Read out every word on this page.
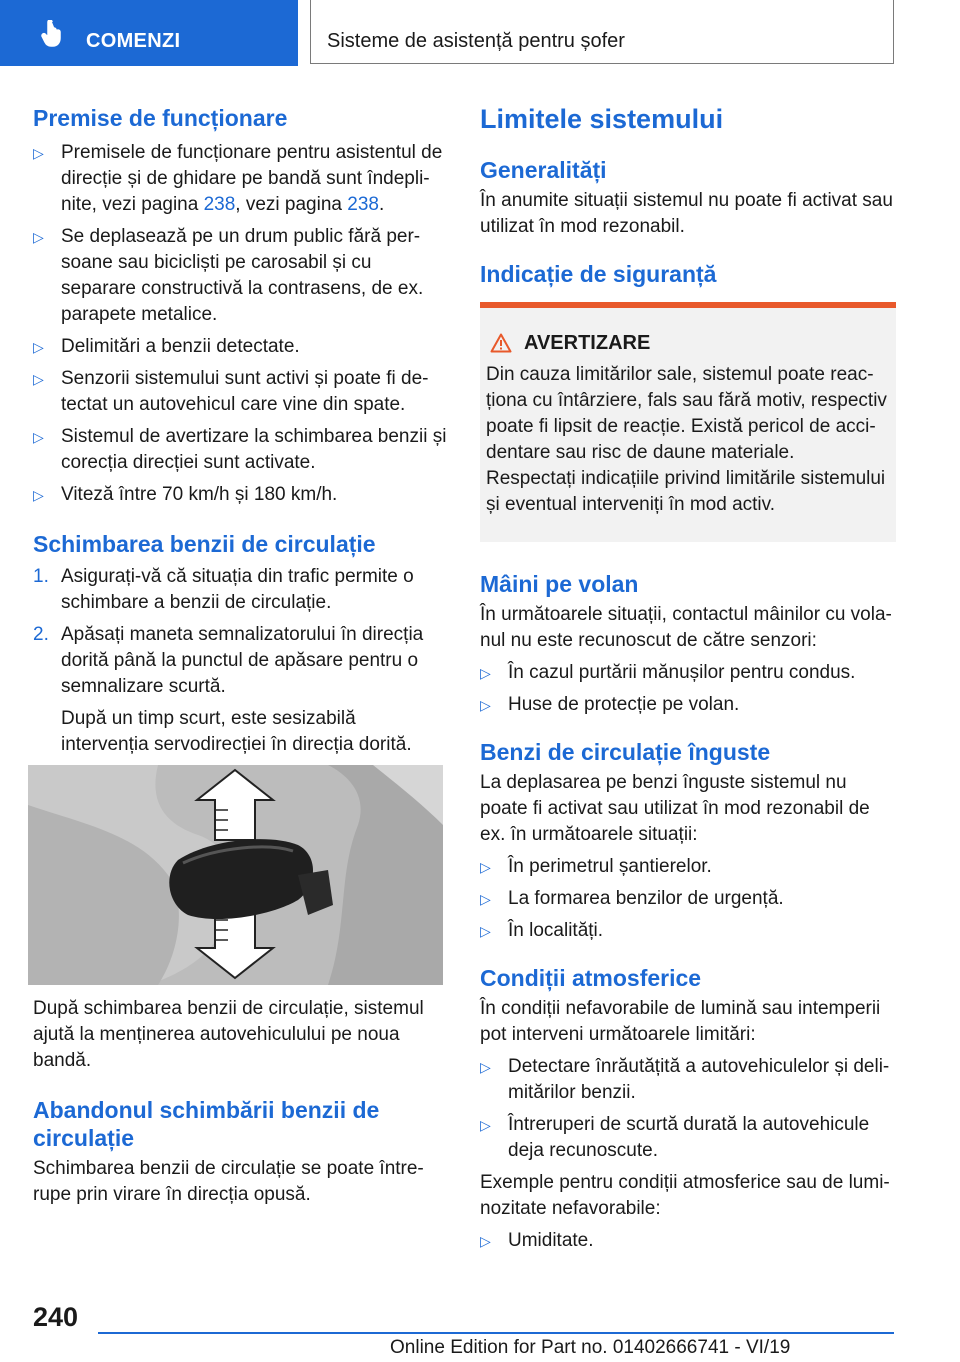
COMENZI	Sisteme de asistență pentru șofer
Premise de funcționare
▷ Premisele de funcționare pentru asistentul de direcție și de ghidare pe bandă sunt îndepli-nite, vezi pagina 238, vezi pagina 238.
▷ Se deplasează pe un drum public fără per-soane sau bicicliști pe carosabil și cu separare constructivă la contrasens, de ex. parapete metalice.
▷ Delimitări a benzii detectate.
▷ Senzorii sistemului sunt activi și poate fi de-tectat un autovehicul care vine din spate.
▷ Sistemul de avertizare la schimbarea benzii și corecția direcției sunt activate.
▷ Viteză între 70 km/h și 180 km/h.
Schimbarea benzii de circulație
1. Asigurați-vă că situația din trafic permite o schimbare a benzii de circulație.
2. Apăsați maneta semnalizatorului în direcția dorită până la punctul de apăsare pentru o semnalizare scurtă.
După un timp scurt, este sesizabilă intervenția servodirecției în direcția dorită.

După schimbarea benzii de circulație, sistemul ajută la menținerea autovehiculului pe noua bandă.

Abandonul schimbării benzii de circulație

Schimbarea benzii de circulație se poate între-rupe prin virare în direcția opusă.

Limitele sistemului
Generalități

În anumite situații sistemul nu poate fi activat sau utilizat în mod rezonabil.

Indicație de siguranță
AVERTIZARE

Din cauza limitărilor sale, sistemul poate reac-ționa cu întârziere, fals sau fără motiv, respectiv poate fi lipsit de reacție. Există pericol de acci-dentare sau risc de daune materiale. Respectați indicațiile privind limitările sistemului și eventual interveniți în mod activ.

Mâini pe volan

În următoarele situații, contactul mâinilor cu vola-nul nu este recunoscut de către senzori:

▷ În cazul purtării mănușilor pentru condus.
▷ Huse de protecție pe volan.
Benzi de circulație înguste

La deplasarea pe benzi înguste sistemul nu poate fi activat sau utilizat în mod rezonabil de ex. în următoarele situații:

▷ În perimetrul șantierelor.
▷ La formarea benzilor de urgență.
▷ În localități.
Condiții atmosferice

În condiții nefavorabile de lumină sau intemperii pot interveni următoarele limitări:

▷ Detectare înrăutățită a autovehiculelor și deli-mitărilor benzii.
▷ Întreruperi de scurtă durată la autovehicule deja recunoscute.

Exemple pentru condiții atmosferice sau de lumi-nozitate nefavorabile:

▷ Umiditate.
240
Online Edition for Part no. 01402666741 - VI/19
